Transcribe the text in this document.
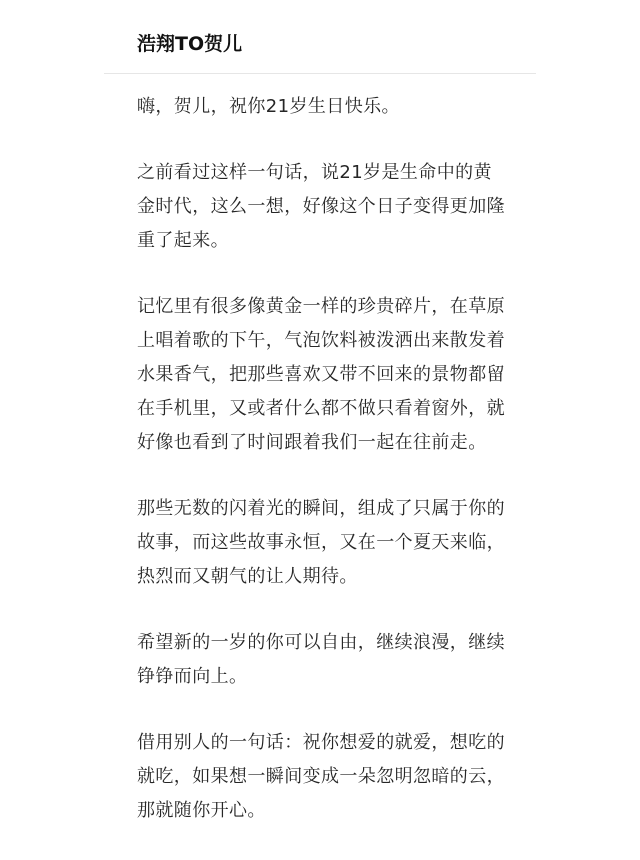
浩翔TO贺儿

嗨，贺儿，祝你21岁生日快乐。

之前看过这样一句话，说21岁是生命中的黄
金时代，这么一想，好像这个日子变得更加隆
重了起来。

记忆里有很多像黄金一样的珍贵碎片，在草原
上唱着歌的下午，气泡饮料被泼洒出来散发着
水果香气，把那些喜欢又带不回来的景物都留
在手机里，又或者什么都不做只看着窗外，就
好像也看到了时间跟着我们一起在往前走。

那些无数的闪着光的瞬间，组成了只属于你的
故事，而这些故事永恒，又在一个夏天来临，
热烈而又朝气的让人期待。

希望新的一岁的你可以自由，继续浪漫，继续
铮铮而向上。

借用别人的一句话：祝你想爱的就爱，想吃的
就吃，如果想一瞬间变成一朵忽明忽暗的云，
那就随你开心。
